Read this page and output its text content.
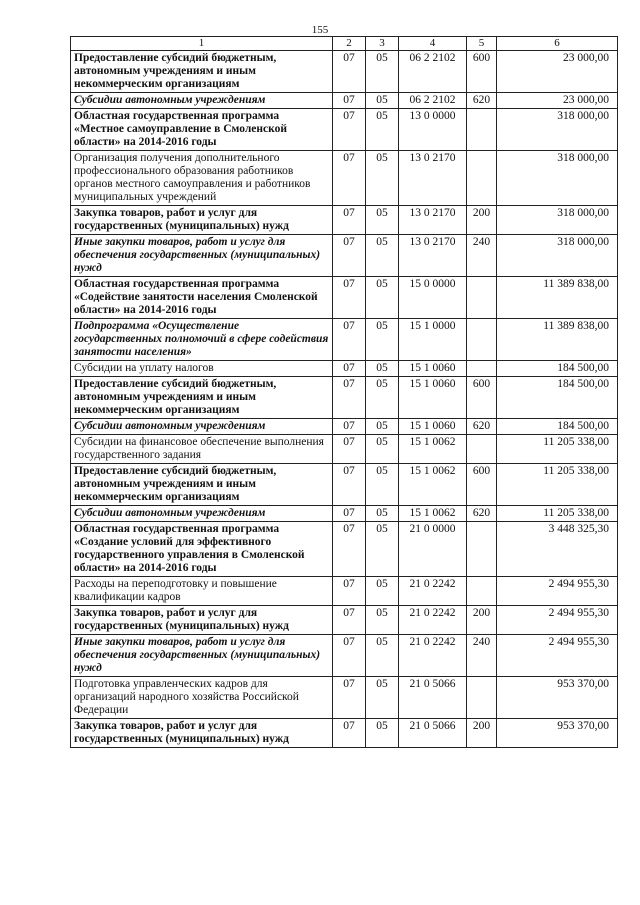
155
1	2	3	4	5	6
Предоставление субсидий бюджетным, автономным учреждениям и иным некоммерческим организациям	07	05	06 2 2102	600	23 000,00
Субсидии автономным учреждениям	07	05	06 2 2102	620	23 000,00
Областная государственная программа «Местное самоуправление в Смоленской области» на 2014-2016 годы	07	05	13 0 0000		318 000,00
Организация получения дополнительного профессионального образования работников органов местного самоуправления и работников муниципальных учреждений	07	05	13 0 2170		318 000,00
Закупка товаров, работ и услуг для государственных (муниципальных) нужд	07	05	13 0 2170	200	318 000,00
Иные закупки товаров, работ и услуг для обеспечения государственных (муниципальных) нужд	07	05	13 0 2170	240	318 000,00
Областная государственная программа «Содействие занятости населения Смоленской области» на 2014-2016 годы	07	05	15 0 0000		11 389 838,00
Подпрограмма «Осуществление государственных полномочий в сфере содействия занятости населения»	07	05	15 1 0000		11 389 838,00
Субсидии на уплату налогов	07	05	15 1 0060		184 500,00
Предоставление субсидий бюджетным, автономным учреждениям и иным некоммерческим организациям	07	05	15 1 0060	600	184 500,00
Субсидии автономным учреждениям	07	05	15 1 0060	620	184 500,00
Субсидии на финансовое обеспечение выполнения государственного задания	07	05	15 1 0062		11 205 338,00
Предоставление субсидий бюджетным, автономным учреждениям и иным некоммерческим организациям	07	05	15 1 0062	600	11 205 338,00
Субсидии автономным учреждениям	07	05	15 1 0062	620	11 205 338,00
Областная государственная программа «Создание условий для эффективного государственного управления в Смоленской области» на 2014-2016 годы	07	05	21 0 0000		3 448 325,30
Расходы на переподготовку и повышение квалификации кадров	07	05	21 0 2242		2 494 955,30
Закупка товаров, работ и услуг для государственных (муниципальных) нужд	07	05	21 0 2242	200	2 494 955,30
Иные закупки товаров, работ и услуг для обеспечения государственных (муниципальных) нужд	07	05	21 0 2242	240	2 494 955,30
Подготовка управленческих кадров для организаций народного хозяйства Российской Федерации	07	05	21 0 5066		953 370,00
Закупка товаров, работ и услуг для государственных (муниципальных) нужд	07	05	21 0 5066	200	953 370,00
